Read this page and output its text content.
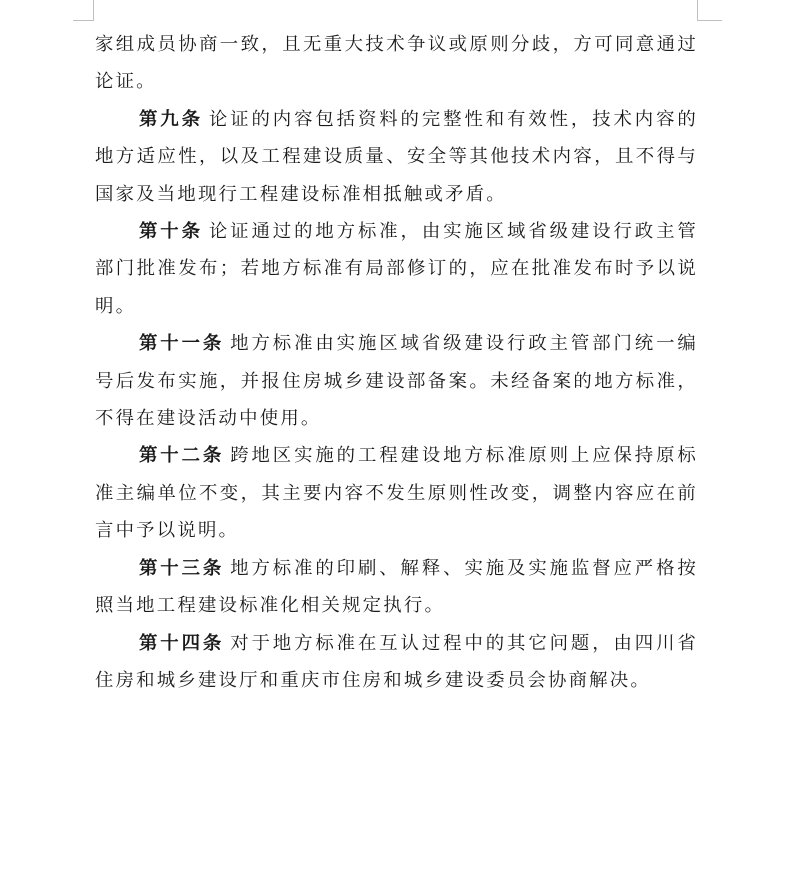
家组成员协商一致，且无重大技术争议或原则分歧，方可同意通过论证。

第九条 论证的内容包括资料的完整性和有效性，技术内容的地方适应性，以及工程建设质量、安全等其他技术内容，且不得与国家及当地现行工程建设标准相抵触或矛盾。

第十条 论证通过的地方标准，由实施区域省级建设行政主管部门批准发布；若地方标准有局部修订的，应在批准发布时予以说明。

第十一条 地方标准由实施区域省级建设行政主管部门统一编号后发布实施，并报住房城乡建设部备案。未经备案的地方标准，不得在建设活动中使用。

第十二条 跨地区实施的工程建设地方标准原则上应保持原标准主编单位不变，其主要内容不发生原则性改变，调整内容应在前言中予以说明。

第十三条 地方标准的印刷、解释、实施及实施监督应严格按照当地工程建设标准化相关规定执行。

第十四条 对于地方标准在互认过程中的其它问题，由四川省住房和城乡建设厅和重庆市住房和城乡建设委员会协商解决。
